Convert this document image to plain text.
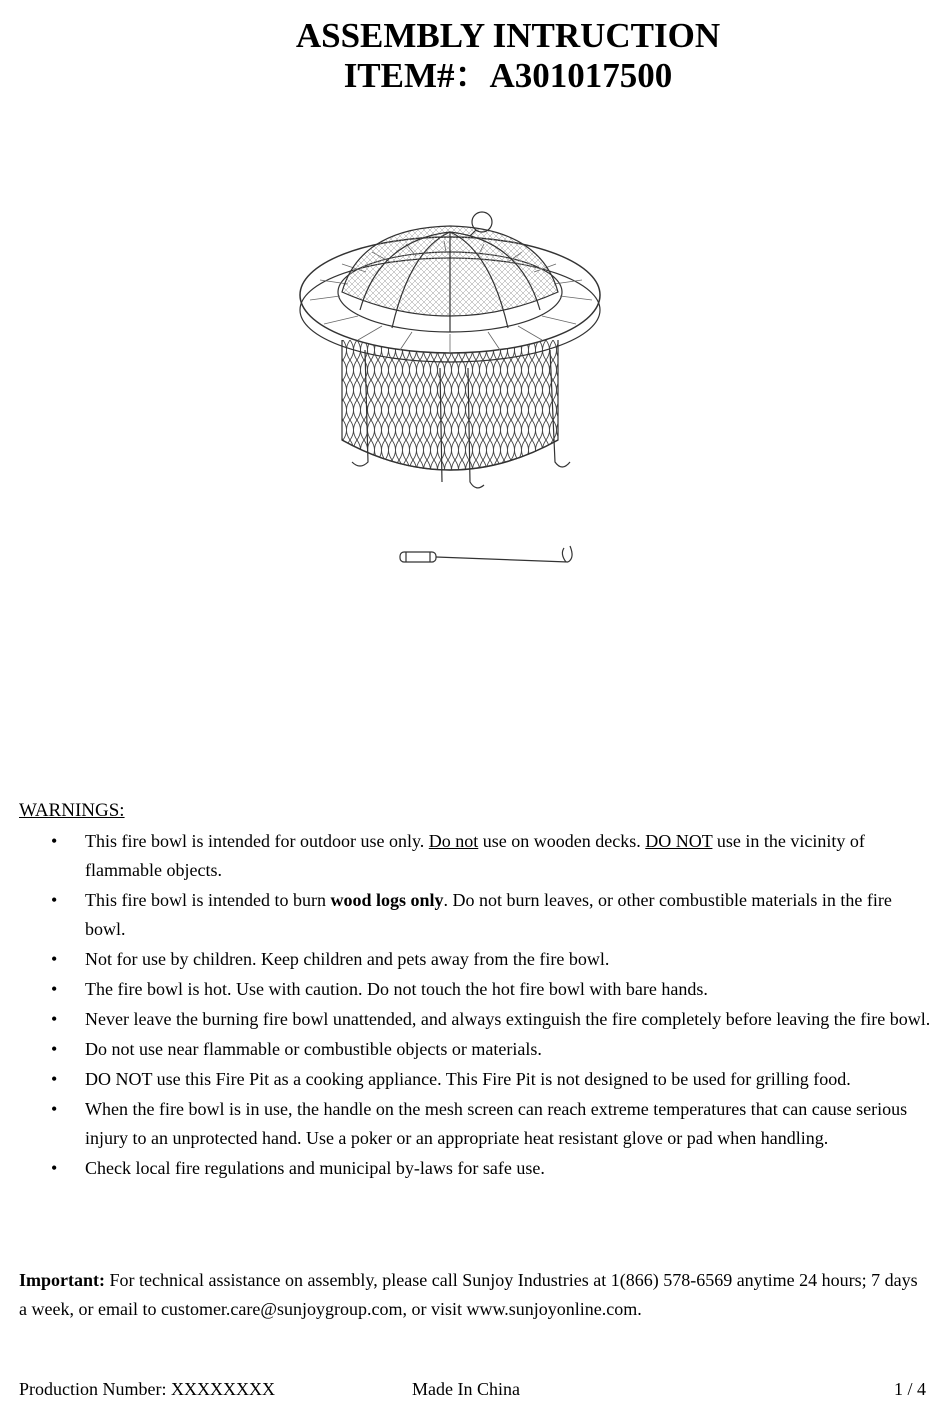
ASSEMBLY INTRUCTION
ITEM#：A301017500
WARNINGS:
• This fire bowl is intended for outdoor use only. Do not use on wooden decks. DO NOT use in the vicinity of flammable objects.
• This fire bowl is intended to burn wood logs only. Do not burn leaves, or other combustible materials in the fire bowl.
• Not for use by children. Keep children and pets away from the fire bowl.
• The fire bowl is hot. Use with caution. Do not touch the hot fire bowl with bare hands.
• Never leave the burning fire bowl unattended, and always extinguish the fire completely before leaving the fire bowl.
• Do not use near flammable or combustible objects or materials.
• DO NOT use this Fire Pit as a cooking appliance. This Fire Pit is not designed to be used for grilling food.
• When the fire bowl is in use, the handle on the mesh screen can reach extreme temperatures that can cause serious injury to an unprotected hand. Use a poker or an appropriate heat resistant glove or pad when handling.
• Check local fire regulations and municipal by-laws for safe use.
Important: For technical assistance on assembly, please call Sunjoy Industries at 1(866) 578-6569 anytime 24 hours; 7 days a week, or email to customer.care@sunjoygroup.com, or visit www.sunjoyonline.com.
Production Number: XXXXXXXX	Made In China	1 / 4
